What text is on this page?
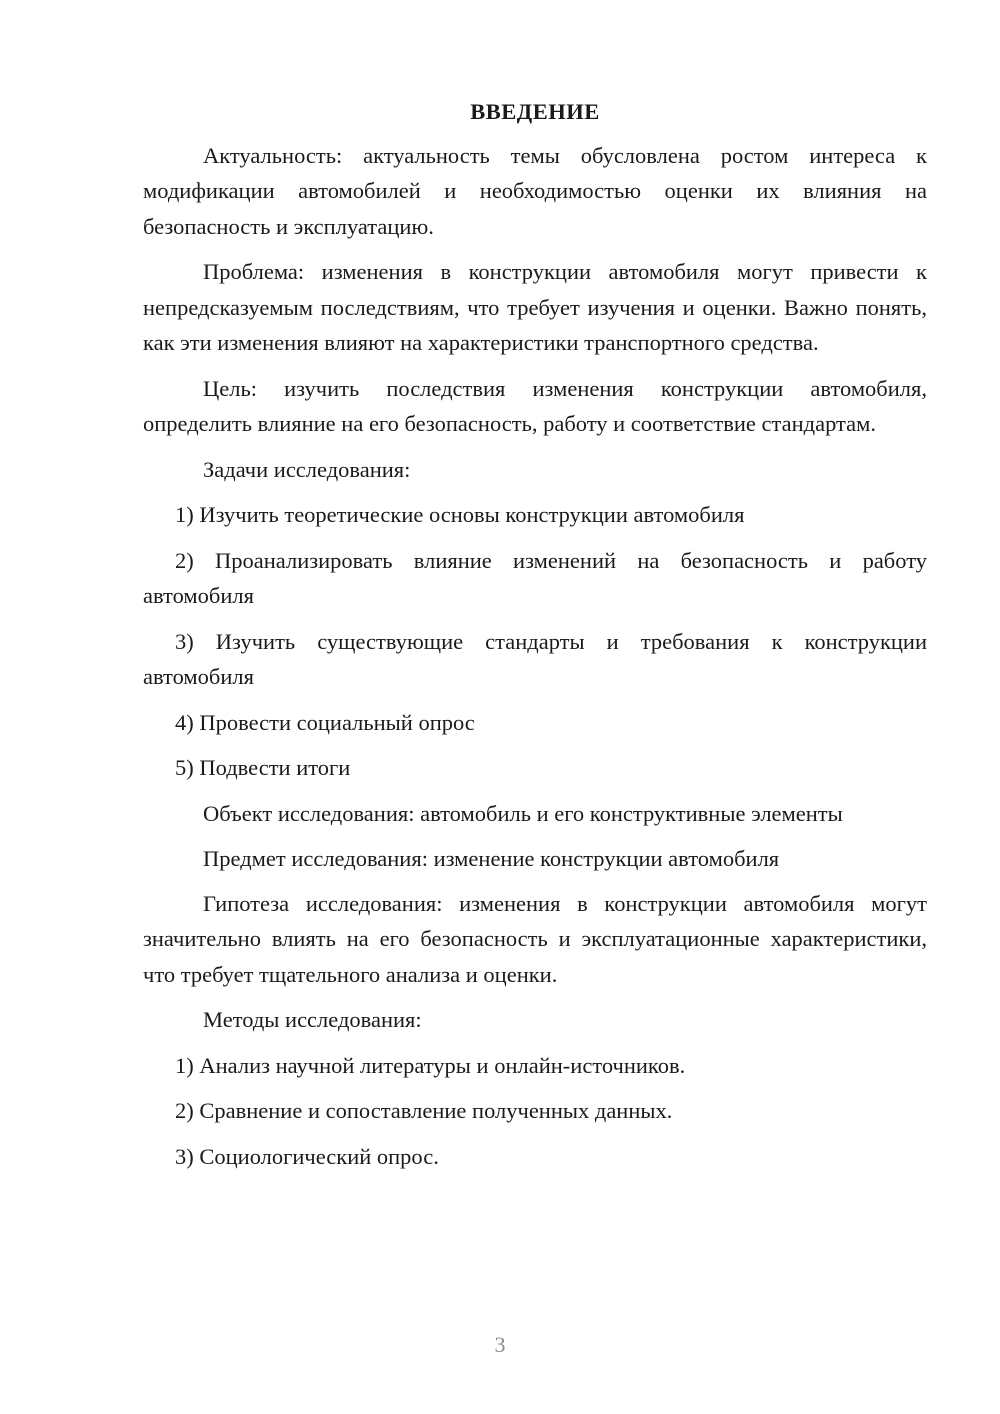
ВВЕДЕНИЕ

Актуальность: актуальность темы обусловлена ростом интереса к модификации автомобилей и необходимостью оценки их влияния на безопасность и эксплуатацию.

Проблема: изменения в конструкции автомобиля могут привести к непредсказуемым последствиям, что требует изучения и оценки. Важно понять, как эти изменения влияют на характеристики транспортного средства.

Цель: изучить последствия изменения конструкции автомобиля, определить влияние на его безопасность, работу и соответствие стандартам.

Задачи исследования:

1) Изучить теоретические основы конструкции автомобиля

2) Проанализировать влияние изменений на безопасность и работу автомобиля

3) Изучить существующие стандарты и требования к конструкции автомобиля

4) Провести социальный опрос

5) Подвести итоги

Объект исследования: автомобиль и его конструктивные элементы

Предмет исследования: изменение конструкции автомобиля

Гипотеза исследования: изменения в конструкции автомобиля могут значительно влиять на его безопасность и эксплуатационные характеристики, что требует тщательного анализа и оценки.

Методы исследования:

1) Анализ научной литературы и онлайн-источников.

2) Сравнение и сопоставление полученных данных.

3) Социологический опрос.

3
